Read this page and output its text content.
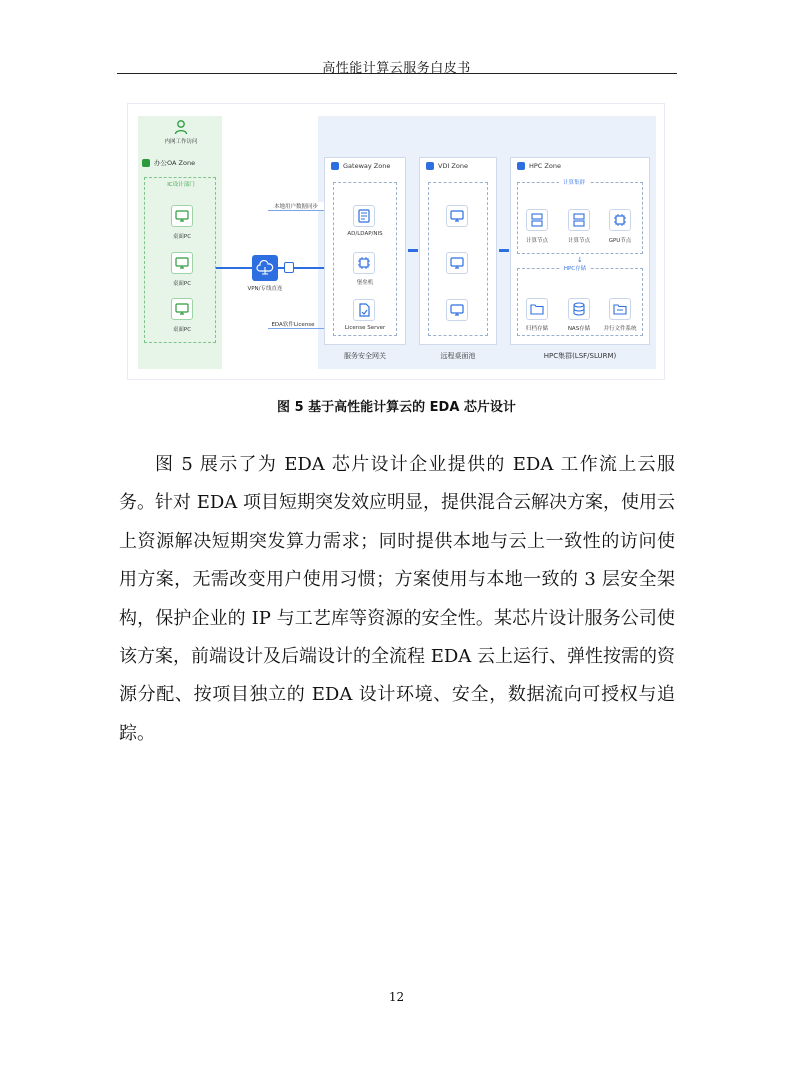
高性能计算云服务白皮书
内网工作访问
办公OA Zone
IC设计部门
桌面PC
桌面PC
桌面PC
VPN/专线直连
本地用户数据同步
EDA软件License
Gateway Zone
AD/LDAP/NIS
堡垒机
License Server
服务安全网关
VDI Zone
远程桌面池
HPC Zone
计算集群
计算节点	计算节点	GPU节点
↓
HPC存储
归档存储	NAS存储	并行文件系统
HPC集群(LSF/SLURM)
图 5 基于高性能计算云的 EDA 芯片设计

图 5 展示了为 EDA 芯片设计企业提供的 EDA 工作流上云服务。针对 EDA 项目短期突发效应明显，提供混合云解决方案，使用云上资源解决短期突发算力需求；同时提供本地与云上一致性的访问使用方案，无需改变用户使用习惯；方案使用与本地一致的 3 层安全架构，保护企业的 IP 与工艺库等资源的安全性。某芯片设计服务公司使该方案，前端设计及后端设计的全流程 EDA 云上运行、弹性按需的资源分配、按项目独立的 EDA 设计环境、安全，数据流向可授权与追踪。

12
